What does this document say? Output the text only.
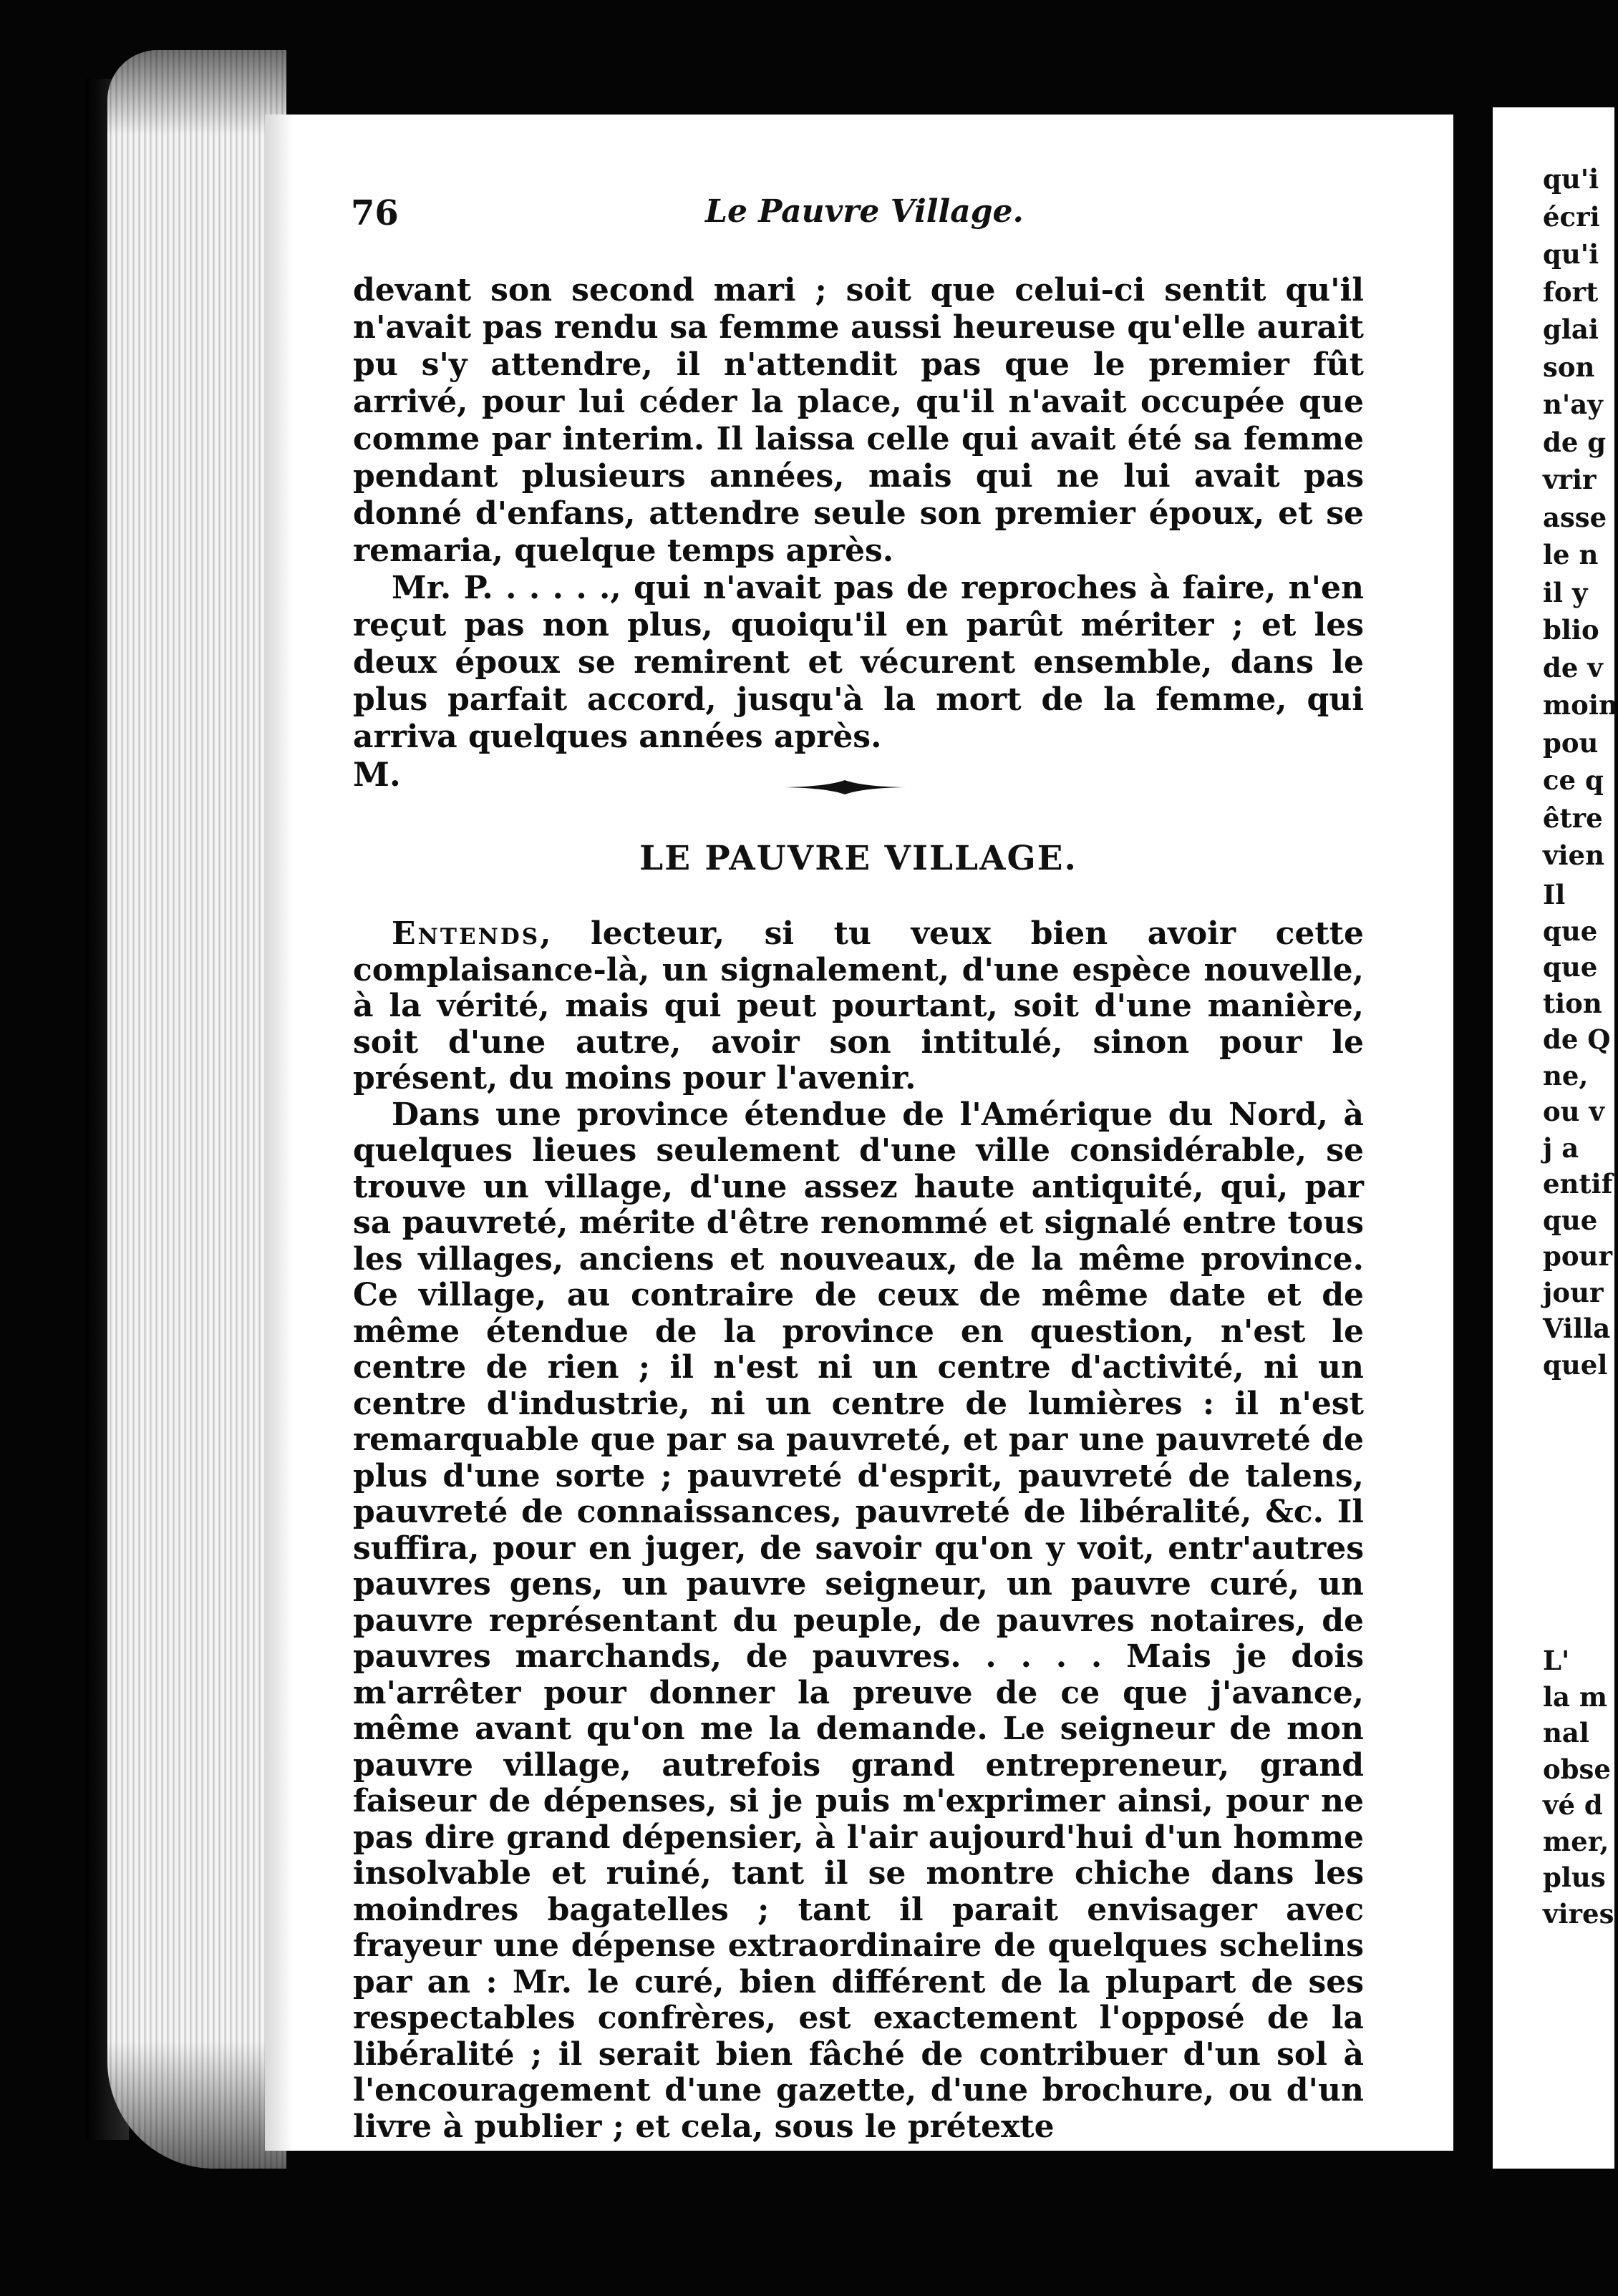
qu'i
écri
qu'i
fort
glai
son
n'ay
de g
vrir
asse
le n
il y
blio
de v
moin
pou
ce q
être
vien
Il
que
que
tion
de Q
ne,
ou v
j a
entif
que
pour
jour
Villa
quel
L'
la m
nal
obse
vé d
mer,
plus
vires
76	Le Pauvre Village.

devant son second mari ; soit que celui-ci sentit qu'il n'avait pas rendu sa femme aussi heureuse qu'elle aurait pu s'y attendre, il n'attendit pas que le premier fût arrivé, pour lui céder la place, qu'il n'avait occupée que comme par interim. Il laissa celle qui avait été sa femme pendant plusieurs années, mais qui ne lui avait pas donné d'enfans, attendre seule son premier époux, et se remaria, quelque temps après.

Mr. P. . . . . ., qui n'avait pas de reproches à faire, n'en reçut pas non plus, quoiqu'il en parût mériter ; et les deux époux se remirent et vécurent ensemble, dans le plus parfait accord, jusqu'à la mort de la femme, qui arriva quelques années après.

M.

LE PAUVRE VILLAGE.

Entends, lecteur, si tu veux bien avoir cette complaisance-là, un signalement, d'une espèce nouvelle, à la vérité, mais qui peut pourtant, soit d'une manière, soit d'une autre, avoir son intitulé, sinon pour le présent, du moins pour l'avenir.

Dans une province étendue de l'Amérique du Nord, à quelques lieues seulement d'une ville considérable, se trouve un village, d'une assez haute antiquité, qui, par sa pauvreté, mérite d'être renommé et signalé entre tous les villages, anciens et nouveaux, de la même province. Ce village, au contraire de ceux de même date et de même étendue de la province en question, n'est le centre de rien ; il n'est ni un centre d'activité, ni un centre d'industrie, ni un centre de lumières : il n'est remarquable que par sa pauvreté, et par une pauvreté de plus d'une sorte ; pauvreté d'esprit, pauvreté de talens, pauvreté de connaissances, pauvreté de libéralité, &c. Il suffira, pour en juger, de savoir qu'on y voit, entr'autres pauvres gens, un pauvre seigneur, un pauvre curé, un pauvre représentant du peuple, de pauvres notaires, de pauvres marchands, de pauvres. . . . . Mais je dois m'arrêter pour donner la preuve de ce que j'avance, même avant qu'on me la demande. Le seigneur de mon pauvre village, autrefois grand entrepreneur, grand faiseur de dépenses, si je puis m'exprimer ainsi, pour ne pas dire grand dépensier, à l'air aujourd'hui d'un homme insolvable et ruiné, tant il se montre chiche dans les moindres bagatelles ; tant il parait envisager avec frayeur une dépense extraordinaire de quelques schelins par an : Mr. le curé, bien différent de la plupart de ses respectables confrères, est exactement l'opposé de la libéralité ; il serait bien fâché de contribuer d'un sol à l'encouragement d'une gazette, d'une brochure, ou d'un livre à publier ; et cela, sous le prétexte
